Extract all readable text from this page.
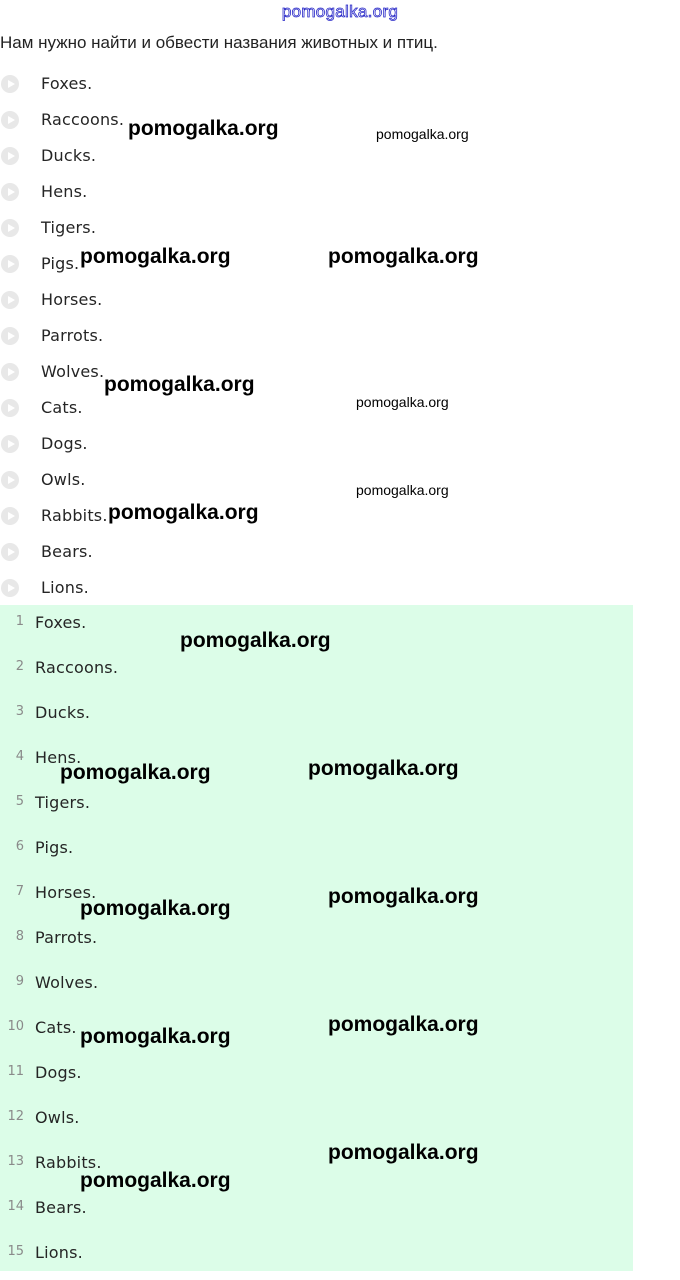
pomogalka.org
Нам нужно найти и обвести названия животных и птиц.
Foxes.
Raccoons.
Ducks.
Hens.
Tigers.
Pigs.
Horses.
Parrots.
Wolves.
Cats.
Dogs.
Owls.
Rabbits.
Bears.
Lions.
1 Foxes.
2 Raccoons.
3 Ducks.
4 Hens.
5 Tigers.
6 Pigs.
7 Horses.
8 Parrots.
9 Wolves.
10 Cats.
11 Dogs.
12 Owls.
13 Rabbits.
14 Bears.
15 Lions.
pomogalka.org	pomogalka.org
pomogalka.org	pomogalka.org
pomogalka.org
pomogalka.org
pomogalka.org
pomogalka.org
pomogalka.org
pomogalka.org	pomogalka.org
pomogalka.org
pomogalka.org
pomogalka.org
pomogalka.org
pomogalka.org
pomogalka.org
